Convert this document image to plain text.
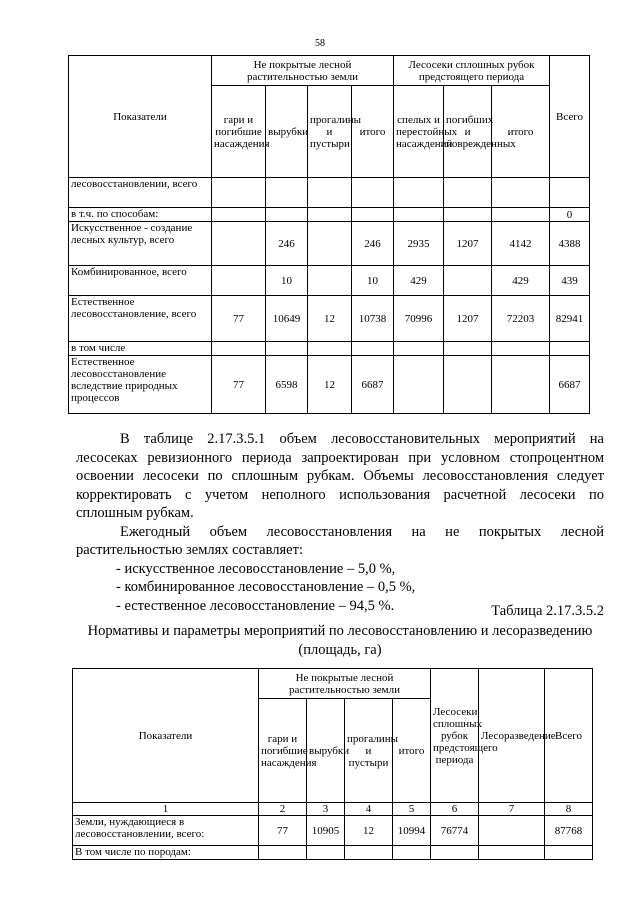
58
Показатели	Не покрытые лесной растительностью земли				Лесосеки сплошных рубок предстоящего периода			Всего
	гари и погибшие насаждения	вырубки	прогалины и пустыри	итого	спелых и перестойных насаждений	погибших и поврежденных	итого	
лесовосстановлении, всего								
в т.ч. по способам:								0
Искусственное - создание лесных культур, всего		246		246	2935	1207	4142	4388
Комбинированное, всего		10		10	429		429	439
Естественное лесовосстановление, всего	77	10649	12	10738	70996	1207	72203	82941
в том числе								
Естественное лесовосстановление вследствие природных процессов	77	6598	12	6687				6687

В таблице 2.17.3.5.1 объем лесовосстановительных мероприятий на лесосеках ревизионного периода запроектирован при условном стопроцентном освоении лесосеки по сплошным рубкам. Объемы лесовосстановления следует корректировать с учетом неполного использования расчетной лесосеки по сплошным рубкам.

Ежегодный объем лесовосстановления на не покрытых лесной растительностью землях составляет:

- искусственное лесовосстановление – 5,0 %,

- комбинированное лесовосстановление – 0,5 %,

- естественное лесовосстановление – 94,5 %.	Таблица 2.17.3.5.2
Нормативы и параметры мероприятий по лесовосстановлению и лесоразведению (площадь, га)
Показатели	Не покрытые лесной растительностью земли				Лесосеки сплошных рубок предстоящего периода	Лесоразведение	Всего
	гари и погибшие насаждения	вырубки	прогалины и пустыри	итого			
1	2	3	4	5	6	7	8
Земли, нуждающиеся в лесовосстановлении, всего:	77	10905	12	10994	76774		87768
В том числе по породам:							
